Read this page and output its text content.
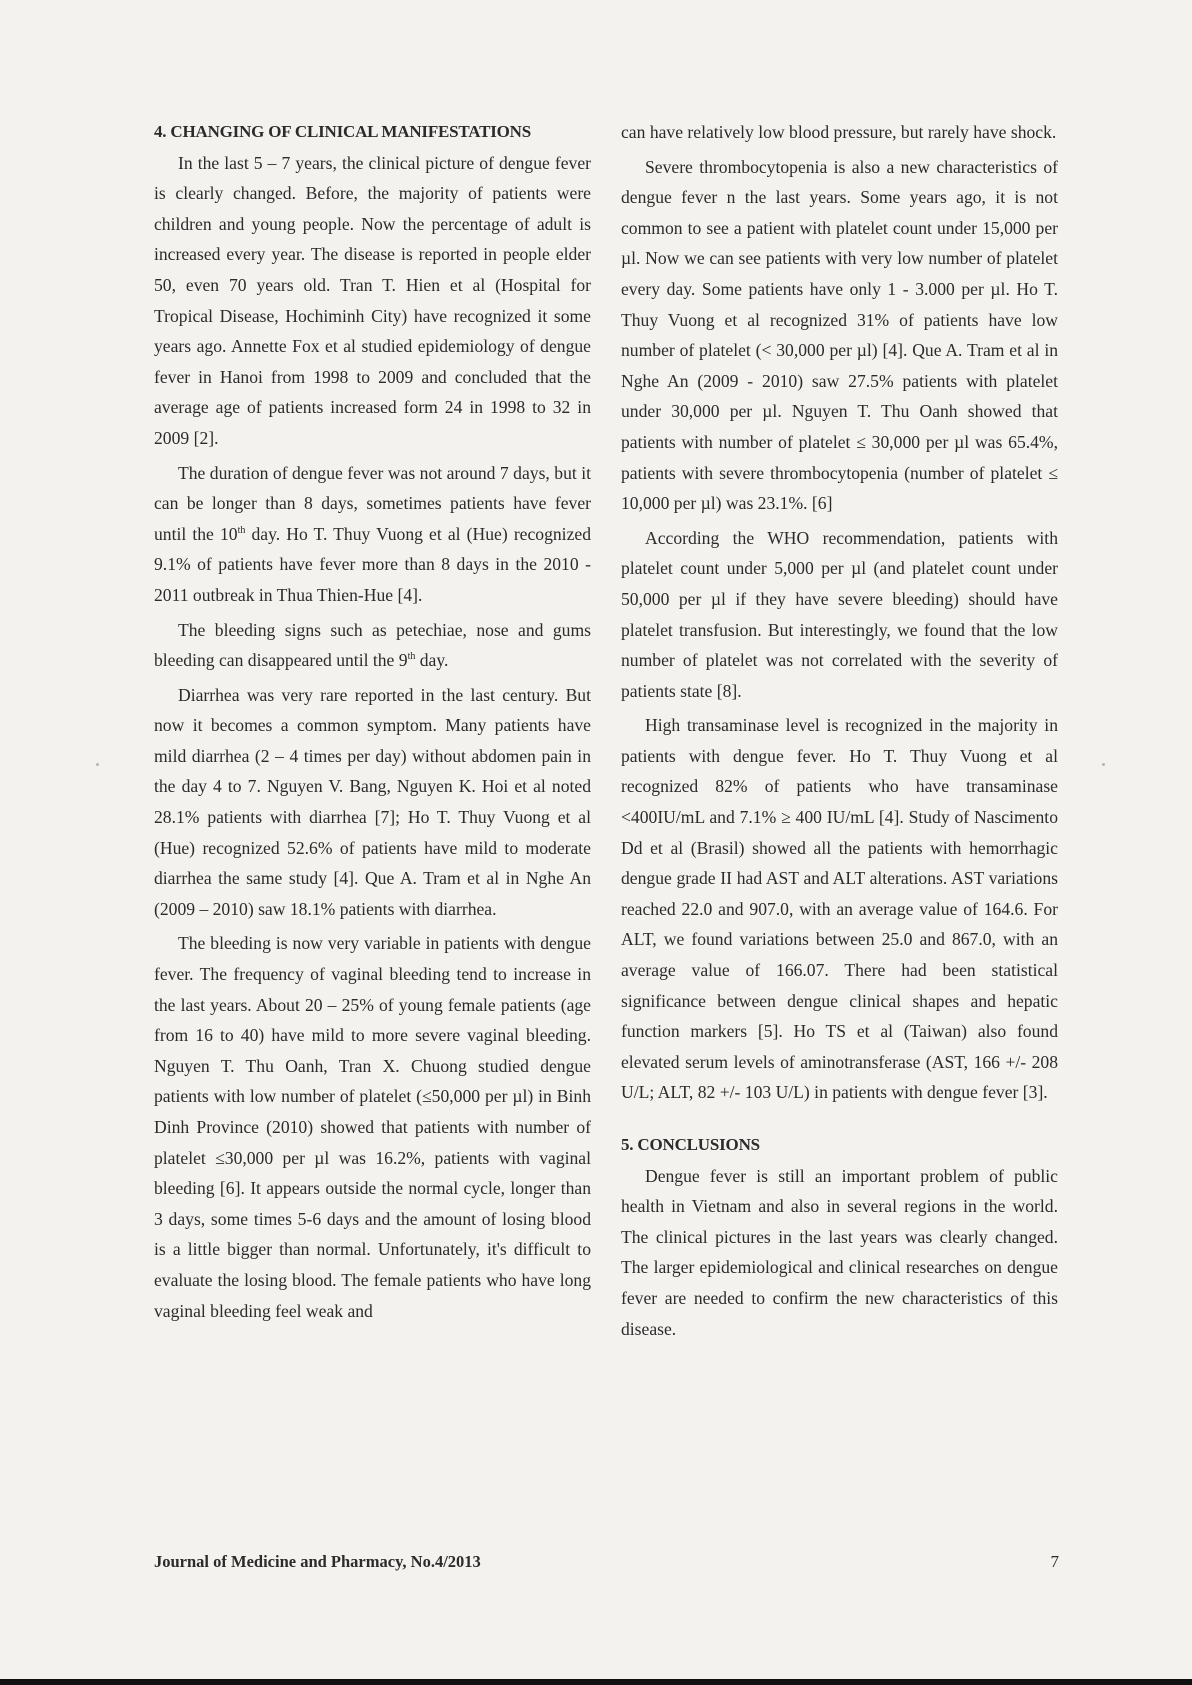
4. CHANGING OF CLINICAL MANIFESTATIONS

In the last 5 – 7 years, the clinical picture of dengue fever is clearly changed. Before, the majority of patients were children and young people. Now the percentage of adult is increased every year. The disease is reported in people elder 50, even 70 years old. Tran T. Hien et al (Hospital for Tropical Disease, Hochiminh City) have recognized it some years ago. Annette Fox et al studied epidemiology of dengue fever in Hanoi from 1998 to 2009 and concluded that the average age of patients increased form 24 in 1998 to 32 in 2009 [2].

The duration of dengue fever was not around 7 days, but it can be longer than 8 days, sometimes patients have fever until the 10th day. Ho T. Thuy Vuong et al (Hue) recognized 9.1% of patients have fever more than 8 days in the 2010 - 2011 outbreak in Thua Thien-Hue [4].

The bleeding signs such as petechiae, nose and gums bleeding can disappeared until the 9th day.

Diarrhea was very rare reported in the last century. But now it becomes a common symptom. Many patients have mild diarrhea (2 – 4 times per day) without abdomen pain in the day 4 to 7. Nguyen V. Bang, Nguyen K. Hoi et al noted 28.1% patients with diarrhea [7]; Ho T. Thuy Vuong et al (Hue) recognized 52.6% of patients have mild to moderate diarrhea the same study [4]. Que A. Tram et al in Nghe An (2009 – 2010) saw 18.1% patients with diarrhea.

The bleeding is now very variable in patients with dengue fever. The frequency of vaginal bleeding tend to increase in the last years. About 20 – 25% of young female patients (age from 16 to 40) have mild to more severe vaginal bleeding. Nguyen T. Thu Oanh, Tran X. Chuong studied dengue patients with low number of platelet (≤50,000 per µl) in Binh Dinh Province (2010) showed that patients with number of platelet ≤30,000 per µl was 16.2%, patients with vaginal bleeding [6]. It appears outside the normal cycle, longer than 3 days, some times 5-6 days and the amount of losing blood is a little bigger than normal. Unfortunately, it's difficult to evaluate the losing blood. The female patients who have long vaginal bleeding feel weak and

can have relatively low blood pressure, but rarely have shock.

Severe thrombocytopenia is also a new characteristics of dengue fever n the last years. Some years ago, it is not common to see a patient with platelet count under 15,000 per µl. Now we can see patients with very low number of platelet every day. Some patients have only 1 - 3.000 per µl. Ho T. Thuy Vuong et al recognized 31% of patients have low number of platelet (< 30,000 per µl) [4]. Que A. Tram et al in Nghe An (2009 - 2010) saw 27.5% patients with platelet under 30,000 per µl. Nguyen T. Thu Oanh showed that patients with number of platelet ≤ 30,000 per µl was 65.4%, patients with severe thrombocytopenia (number of platelet ≤ 10,000 per µl) was 23.1%. [6]

According the WHO recommendation, patients with platelet count under 5,000 per µl (and platelet count under 50,000 per µl if they have severe bleeding) should have platelet transfusion. But interestingly, we found that the low number of platelet was not correlated with the severity of patients state [8].

High transaminase level is recognized in the majority in patients with dengue fever. Ho T. Thuy Vuong et al recognized 82% of patients who have transaminase <400IU/mL and 7.1% ≥ 400 IU/mL [4]. Study of Nascimento Dd et al (Brasil) showed all the patients with hemorrhagic dengue grade II had AST and ALT alterations. AST variations reached 22.0 and 907.0, with an average value of 164.6. For ALT, we found variations between 25.0 and 867.0, with an average value of 166.07. There had been statistical significance between dengue clinical shapes and hepatic function markers [5]. Ho TS et al (Taiwan) also found elevated serum levels of aminotransferase (AST, 166 +/- 208 U/L; ALT, 82 +/- 103 U/L) in patients with dengue fever [3].

5. CONCLUSIONS

Dengue fever is still an important problem of public health in Vietnam and also in several regions in the world. The clinical pictures in the last years was clearly changed. The larger epidemiological and clinical researches on dengue fever are needed to confirm the new characteristics of this disease.

Journal of Medicine and Pharmacy, No.4/2013	7
